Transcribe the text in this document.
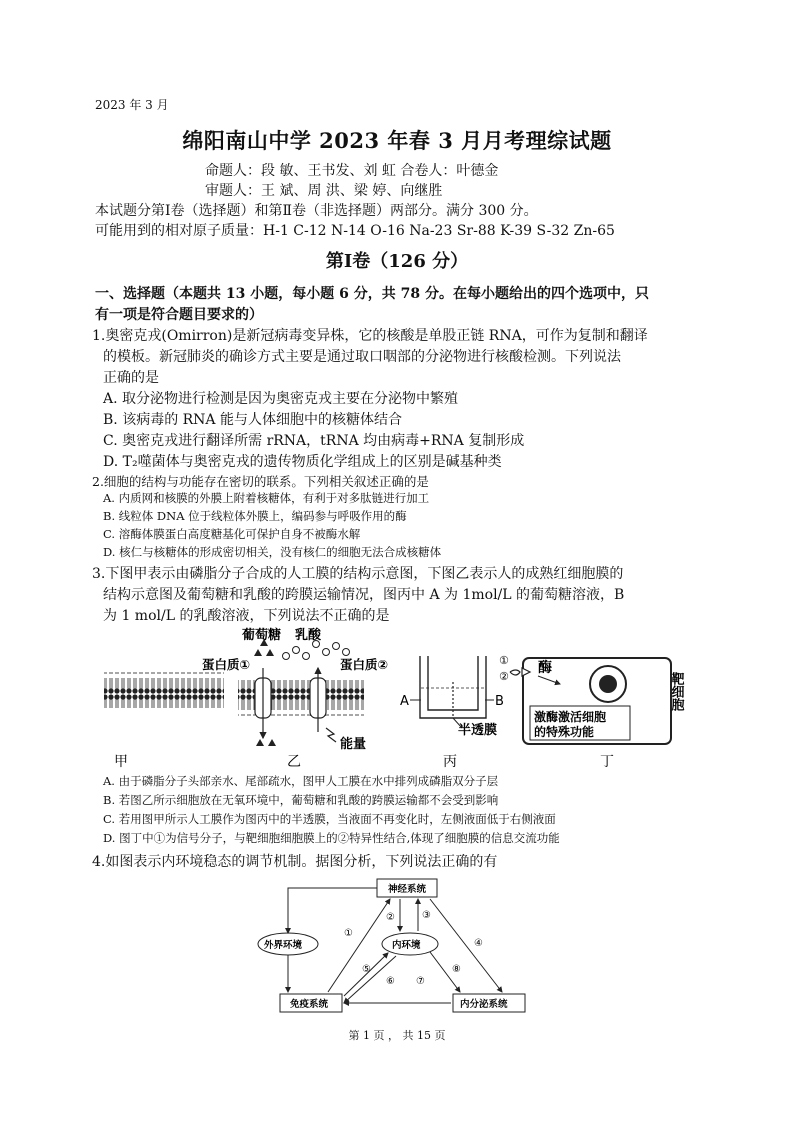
2023 年 3 月
绵阳南山中学 2023 年春 3 月月考理综试题
命题人：段 敏、王书发、刘 虹 合卷人：叶德金
审题人：王 斌、周 洪、梁 婷、向继胜
本试题分第Ⅰ卷（选择题）和第Ⅱ卷（非选择题）两部分。满分 300 分。
可能用到的相对原子质量：H-1 C-12 N-14 O-16 Na-23 Sr-88 K-39 S-32 Zn-65
第Ⅰ卷（126 分）
一、选择题（本题共 13 小题，每小题 6 分，共 78 分。在每小题给出的四个选项中，只
有一项是符合题目要求的）
1.奥密克戎(Omirron)是新冠病毒变异株，它的核酸是单股正链 RNA，可作为复制和翻译
的模板。新冠肺炎的确诊方式主要是通过取口咽部的分泌物进行核酸检测。下列说法
正确的是
A. 取分泌物进行检测是因为奥密克戎主要在分泌物中繁殖
B. 该病毒的 RNA 能与人体细胞中的核糖体结合
C. 奥密克戎进行翻译所需 rRNA，tRNA 均由病毒+RNA 复制形成
D. T₂噬菌体与奥密克戎的遗传物质化学组成上的区别是碱基种类
2.细胞的结构与功能存在密切的联系。下列相关叙述正确的是
A. 内质网和核膜的外膜上附着核糖体，有利于对多肽链进行加工
B. 线粒体 DNA 位于线粒体外膜上，编码参与呼吸作用的酶
C. 溶酶体膜蛋白高度糖基化可保护自身不被酶水解
D. 核仁与核糖体的形成密切相关，没有核仁的细胞无法合成核糖体
3.下图甲表示由磷脂分子合成的人工膜的结构示意图，下图乙表示人的成熟红细胞膜的
结构示意图及葡萄糖和乳酸的跨膜运输情况，图丙中 A 为 1mol/L 的葡萄糖溶液，B
为 1 mol/L 的乳酸溶液，下列说法不正确的是
葡萄糖 乳酸
蛋白质①	蛋白质②
能量
A	B
半透膜
①
②
酶
激酶激活细胞
的特殊功能
靶细胞
甲	乙	丙	丁
A. 由于磷脂分子头部亲水、尾部疏水，图甲人工膜在水中排列成磷脂双分子层
B. 若图乙所示细胞放在无氧环境中，葡萄糖和乳酸的跨膜运输都不会受到影响
C. 若用图甲所示人工膜作为图丙中的半透膜，当液面不再变化时，左侧液面低于右侧液面
D. 图丁中①为信号分子，与靶细胞细胞膜上的②特异性结合,体现了细胞膜的信息交流功能
4.如图表示内环境稳态的调节机制。据图分析，下列说法正确的有
神经系统
外界环境	内环境
免疫系统	内分泌系统
①
②	③
④
⑤
⑥ ⑦
⑧
第 1 页 ， 共 15 页
